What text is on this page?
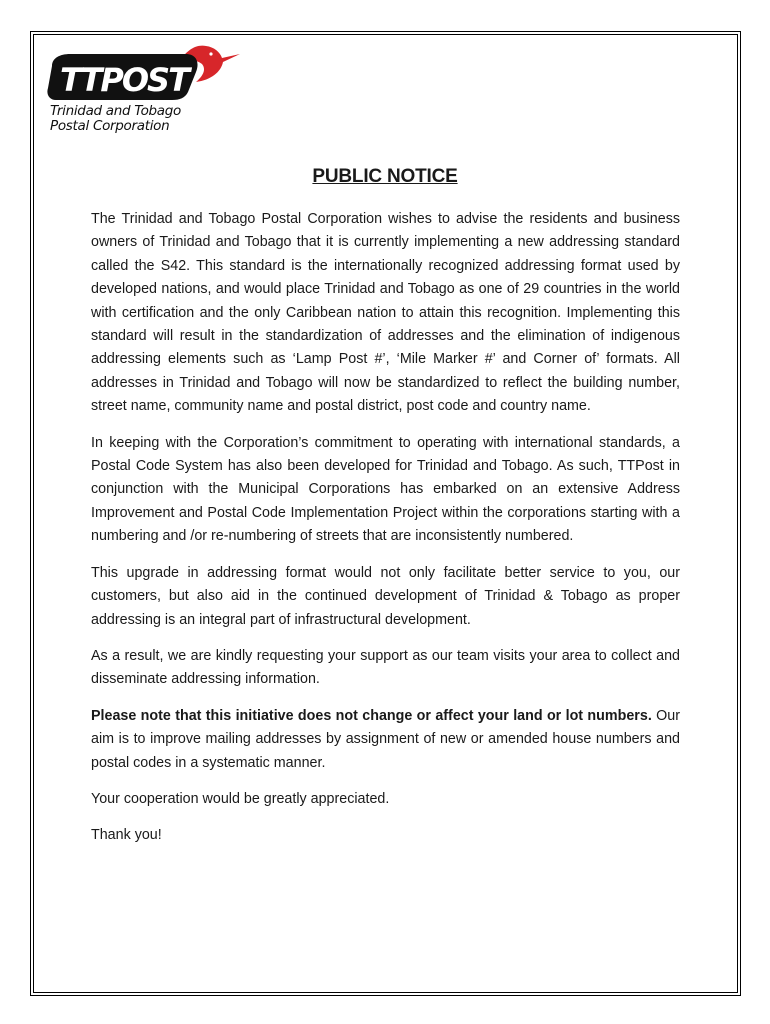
TTPOST
Trinidad and Tobago
Postal Corporation
PUBLIC NOTICE

The Trinidad and Tobago Postal Corporation wishes to advise the residents and business owners of Trinidad and Tobago that it is currently implementing a new addressing standard called the S42. This standard is the internationally recognized addressing format used by developed nations, and would place Trinidad and Tobago as one of 29 countries in the world with certification and the only Caribbean nation to attain this recognition. Implementing this standard will result in the standardization of addresses and the elimination of indigenous addressing elements such as ‘Lamp Post #’, ‘Mile Marker #’ and Corner of’ formats. All addresses in Trinidad and Tobago will now be standardized to reflect the building number, street name, community name and postal district, post code and country name.

In keeping with the Corporation’s commitment to operating with international standards, a Postal Code System has also been developed for Trinidad and Tobago. As such, TTPost in conjunction with the Municipal Corporations has embarked on an extensive Address Improvement and Postal Code Implementation Project within the corporations starting with a numbering and /or re-numbering of streets that are inconsistently numbered.

This upgrade in addressing format would not only facilitate better service to you, our customers, but also aid in the continued development of Trinidad & Tobago as proper addressing is an integral part of infrastructural development.

As a result, we are kindly requesting your support as our team visits your area to collect and disseminate addressing information.

Please note that this initiative does not change or affect your land or lot numbers. Our aim is to improve mailing addresses by assignment of new or amended house numbers and postal codes in a systematic manner.

Your cooperation would be greatly appreciated.

Thank you!
